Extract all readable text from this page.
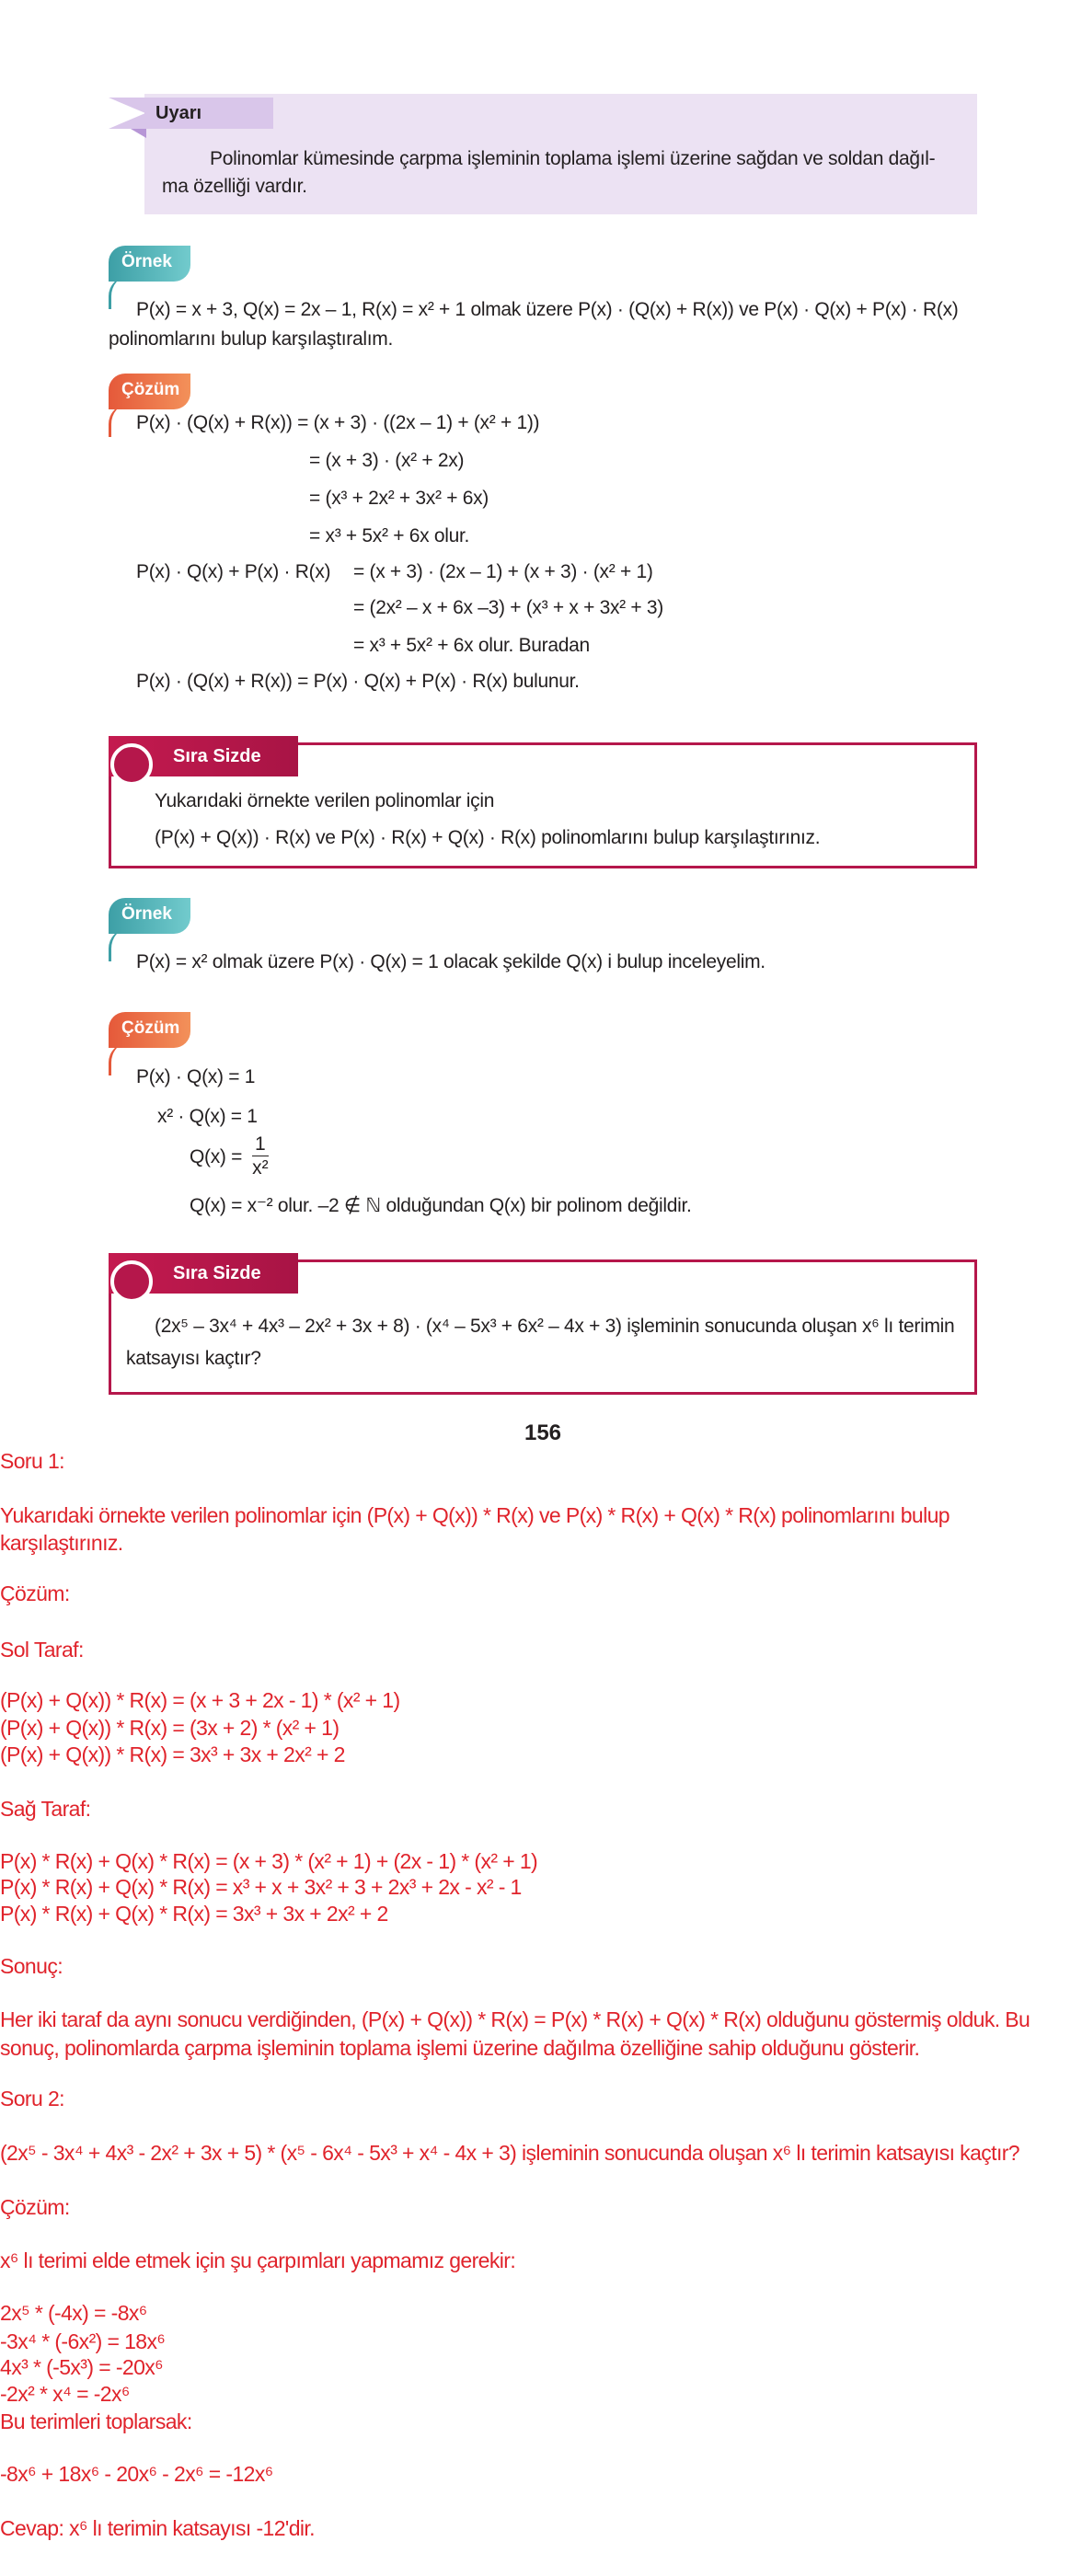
Uyarı
Polinomlar kümesinde çarpma işleminin toplama işlemi üzerine sağdan ve soldan dağıl-
ma özelliği vardır.
Örnek
P(x) = x + 3, Q(x) = 2x – 1, R(x) = x² + 1 olmak üzere P(x) · (Q(x) + R(x)) ve P(x) · Q(x) + P(x) · R(x)
polinomlarını bulup karşılaştıralım.
Çözüm
P(x) · (Q(x) + R(x)) = (x + 3) · ((2x – 1) + (x² + 1))
= (x + 3) · (x² + 2x)
= (x³ + 2x² + 3x² + 6x)
= x³ + 5x² + 6x olur.
P(x) · Q(x) + P(x) · R(x) = (x + 3) · (2x – 1) + (x + 3) · (x² + 1)
= (2x² – x + 6x –3) + (x³ + x + 3x² + 3)
= x³ + 5x² + 6x olur. Buradan
P(x) · (Q(x) + R(x)) = P(x) · Q(x) + P(x) · R(x) bulunur.
Sıra Sizde
Yukarıdaki örnekte verilen polinomlar için
(P(x) + Q(x)) · R(x) ve P(x) · R(x) + Q(x) · R(x) polinomlarını bulup karşılaştırınız.
Örnek
P(x) = x² olmak üzere P(x) · Q(x) = 1 olacak şekilde Q(x) i bulup inceleyelim.
Çözüm
P(x) · Q(x) = 1
x² · Q(x) = 1
$Q(x) = \frac{1}{\text{x²}}$
Q(x) = x⁻² olur. –2 ∉ ℕ olduğundan Q(x) bir polinom değildir.
Sıra Sizde
(2x⁵ – 3x⁴ + 4x³ – 2x² + 3x + 8) · (x⁴ – 5x³ + 6x² – 4x + 3) işleminin sonucunda oluşan x⁶ lı terimin
katsayısı kaçtır?
156
Soru 1:
Yukarıdaki örnekte verilen polinomlar için (P(x) + Q(x)) * R(x) ve P(x) * R(x) + Q(x) * R(x) polinomlarını bulup
karşılaştırınız.
Çözüm:
Sol Taraf:
(P(x) + Q(x)) * R(x) = (x + 3 + 2x - 1) * (x² + 1)
(P(x) + Q(x)) * R(x) = (3x + 2) * (x² + 1)
(P(x) + Q(x)) * R(x) = 3x³ + 3x + 2x² + 2
Sağ Taraf:
P(x) * R(x) + Q(x) * R(x) = (x + 3) * (x² + 1) + (2x - 1) * (x² + 1)
P(x) * R(x) + Q(x) * R(x) = x³ + x + 3x² + 3 + 2x³ + 2x - x² - 1
P(x) * R(x) + Q(x) * R(x) = 3x³ + 3x + 2x² + 2
Sonuç:
Her iki taraf da aynı sonucu verdiğinden, (P(x) + Q(x)) * R(x) = P(x) * R(x) + Q(x) * R(x) olduğunu göstermiş olduk. Bu
sonuç, polinomlarda çarpma işleminin toplama işlemi üzerine dağılma özelliğine sahip olduğunu gösterir.
Soru 2:
(2x⁵ - 3x⁴ + 4x³ - 2x² + 3x + 5) * (x⁵ - 6x⁴ - 5x³ + x⁴ - 4x + 3) işleminin sonucunda oluşan x⁶ lı terimin katsayısı kaçtır?
Çözüm:
x⁶ lı terimi elde etmek için şu çarpımları yapmamız gerekir:
2x⁵ * (-4x) = -8x⁶
-3x⁴ * (-6x²) = 18x⁶
4x³ * (-5x³) = -20x⁶
-2x² * x⁴ = -2x⁶
Bu terimleri toplarsak:
-8x⁶ + 18x⁶ - 20x⁶ - 2x⁶ = -12x⁶
Cevap: x⁶ lı terimin katsayısı -12'dir.
